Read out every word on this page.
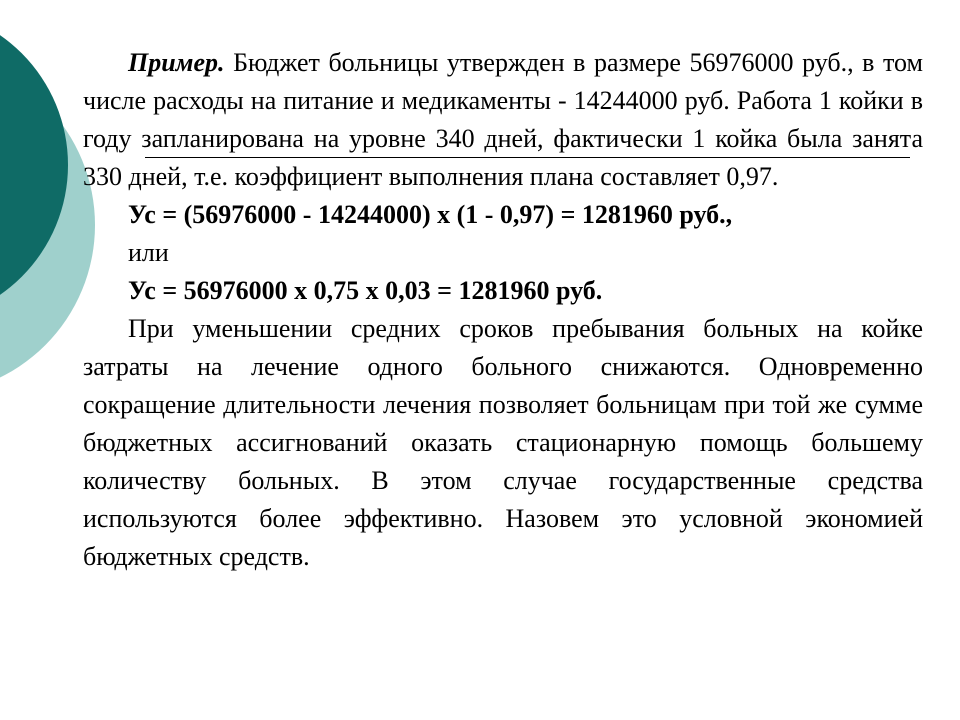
Пример. Бюджет больницы утвержден в размере 56976000 руб., в том числе расходы на питание и медикаменты - 14244000 руб. Работа 1 койки в году запланирована на уровне 340 дней, фактически 1 койка была занята 330 дней, т.е. коэффициент выполнения плана составляет 0,97.

Ус = (56976000 - 14244000) х (1 - 0,97) = 1281960 руб.,

или

Ус = 56976000 х 0,75 х 0,03 = 1281960 руб.

При уменьшении средних сроков пребывания больных на койке затраты на лечение одного больного снижаются. Одновременно сокращение длительности лечения позволяет больницам при той же сумме бюджетных ассигнований оказать стационарную помощь большему количеству больных. В этом случае государственные средства используются более эффективно. Назовем это условной экономией бюджетных средств.
